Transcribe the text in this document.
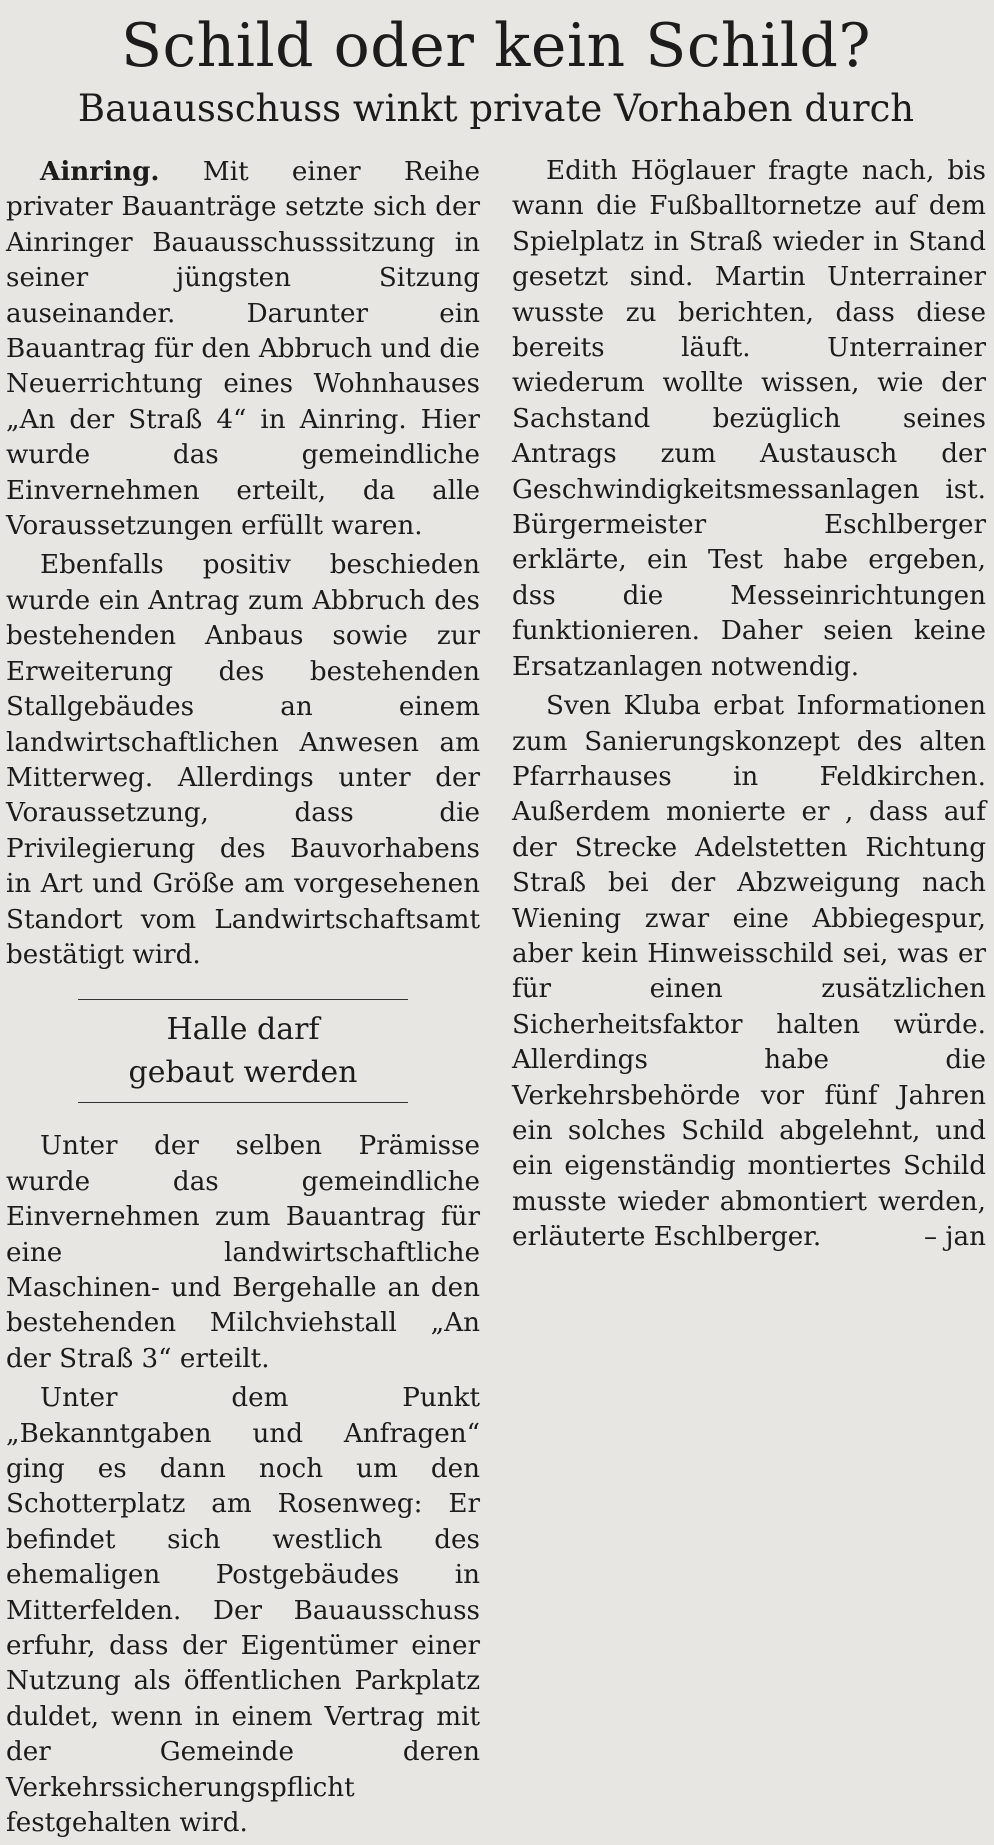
Schild oder kein Schild?
Bauausschuss winkt private Vorhaben durch

Ainring. Mit einer Reihe privater Bauanträge setzte sich der Ainringer Bauausschusssitzung in seiner jüngsten Sitzung auseinander. Darunter ein Bauantrag für den Abbruch und die Neuerrichtung eines Wohnhauses „An der Straß 4“ in Ainring. Hier wurde das gemeindliche Einvernehmen erteilt, da alle Voraussetzungen erfüllt waren.

Ebenfalls positiv beschieden wurde ein Antrag zum Abbruch des bestehenden Anbaus sowie zur Erweiterung des bestehenden Stallgebäudes an einem landwirtschaftlichen Anwesen am Mitterweg. Allerdings unter der Voraussetzung, dass die Privilegierung des Bauvorhabens in Art und Größe am vorgesehenen Standort vom Landwirtschaftsamt bestätigt wird.

Halle darf
gebaut werden

Unter der selben Prämisse wurde das gemeindliche Einvernehmen zum Bauantrag für eine landwirtschaftliche Maschinen- und Bergehalle an den bestehenden Milchviehstall „An der Straß 3“ erteilt.

Unter dem Punkt „Bekanntgaben und Anfragen“ ging es dann noch um den Schotterplatz am Rosenweg: Er befindet sich westlich des ehemaligen Postgebäudes in Mitterfelden. Der Bauausschuss erfuhr, dass der Eigentümer einer Nutzung als öffentlichen Parkplatz duldet, wenn in einem Vertrag mit der Gemeinde deren Verkehrssicherungspflicht festgehalten wird.

Edith Höglauer fragte nach, bis wann die Fußballtornetze auf dem Spielplatz in Straß wieder in Stand gesetzt sind. Martin Unterrainer wusste zu berichten, dass diese bereits läuft. Unterrainer wiederum wollte wissen, wie der Sachstand bezüglich seines Antrags zum Austausch der Geschwindigkeitsmessanlagen ist. Bürgermeister Eschlberger erklärte, ein Test habe ergeben, dss die Messeinrichtungen funktionieren. Daher seien keine Ersatzanlagen notwendig.

Sven Kluba erbat Informationen zum Sanierungskonzept des alten Pfarrhauses in Feldkirchen. Außerdem monierte er , dass auf der Strecke Adelstetten Richtung Straß bei der Abzweigung nach Wiening zwar eine Abbiegespur, aber kein Hinweisschild sei, was er für einen zusätzlichen Sicherheitsfaktor halten würde. Allerdings habe die Verkehrsbehörde vor fünf Jahren ein solches Schild abgelehnt, und ein eigenständig montiertes Schild musste wieder abmontiert werden, erläuterte Eschlberger.	– jan
